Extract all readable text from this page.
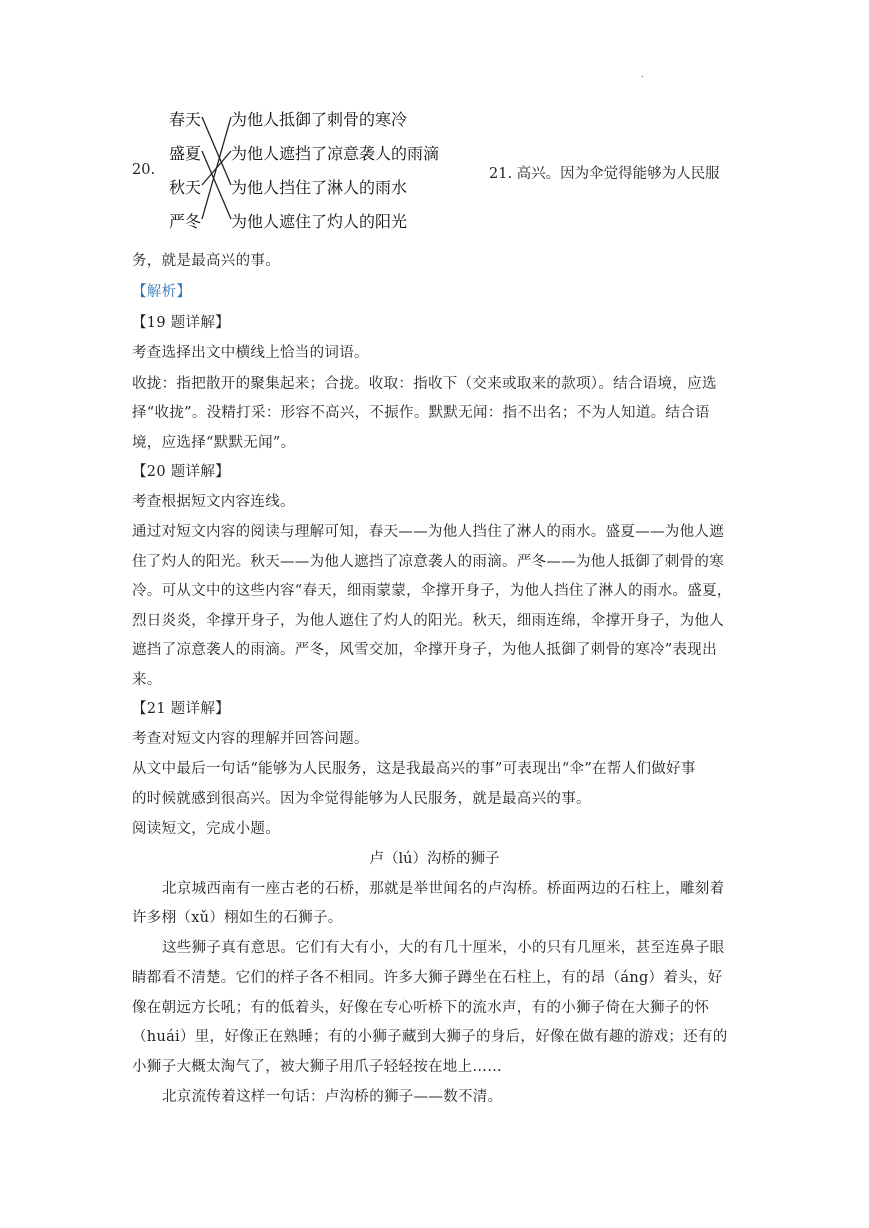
.
20.
春天
盛夏
秋天
严冬
为他人抵御了刺骨的寒冷
为他人遮挡了凉意袭人的雨滴
为他人挡住了淋人的雨水
为他人遮住了灼人的阳光
21. 高兴。因为伞觉得能够为人民服
务，就是最高兴的事。
【解析】
【19 题详解】
考查选择出文中横线上恰当的词语。
收拢：指把散开的聚集起来；合拢。收取：指收下（交来或取来的款项）。结合语境，应选
择“收拢”。没精打采：形容不高兴，不振作。默默无闻：指不出名；不为人知道。结合语
境，应选择“默默无闻”。
【20 题详解】
考查根据短文内容连线。
通过对短文内容的阅读与理解可知，春天——为他人挡住了淋人的雨水。盛夏——为他人遮
住了灼人的阳光。秋天——为他人遮挡了凉意袭人的雨滴。严冬——为他人抵御了刺骨的寒
冷。可从文中的这些内容“春天，细雨蒙蒙，伞撑开身子，为他人挡住了淋人的雨水。盛夏，
烈日炎炎，伞撑开身子，为他人遮住了灼人的阳光。秋天，细雨连绵，伞撑开身子，为他人
遮挡了凉意袭人的雨滴。严冬，风雪交加，伞撑开身子，为他人抵御了刺骨的寒冷”表现出
来。
【21 题详解】
考查对短文内容的理解并回答问题。
从文中最后一句话“能够为人民服务，这是我最高兴的事”可表现出“伞”在帮人们做好事
的时候就感到很高兴。因为伞觉得能够为人民服务，就是最高兴的事。
阅读短文，完成小题。
卢（lú）沟桥的狮子
北京城西南有一座古老的石桥，那就是举世闻名的卢沟桥。桥面两边的石柱上，雕刻着
许多栩（xǔ）栩如生的石狮子。
这些狮子真有意思。它们有大有小，大的有几十厘米，小的只有几厘米，甚至连鼻子眼
睛都看不清楚。它们的样子各不相同。许多大狮子蹲坐在石柱上，有的昂（áng）着头，好
像在朝远方长吼；有的低着头，好像在专心听桥下的流水声，有的小狮子倚在大狮子的怀
（huái）里，好像正在熟睡；有的小狮子藏到大狮子的身后，好像在做有趣的游戏；还有的
小狮子大概太淘气了，被大狮子用爪子轻轻按在地上……
北京流传着这样一句话：卢沟桥的狮子——数不清。
